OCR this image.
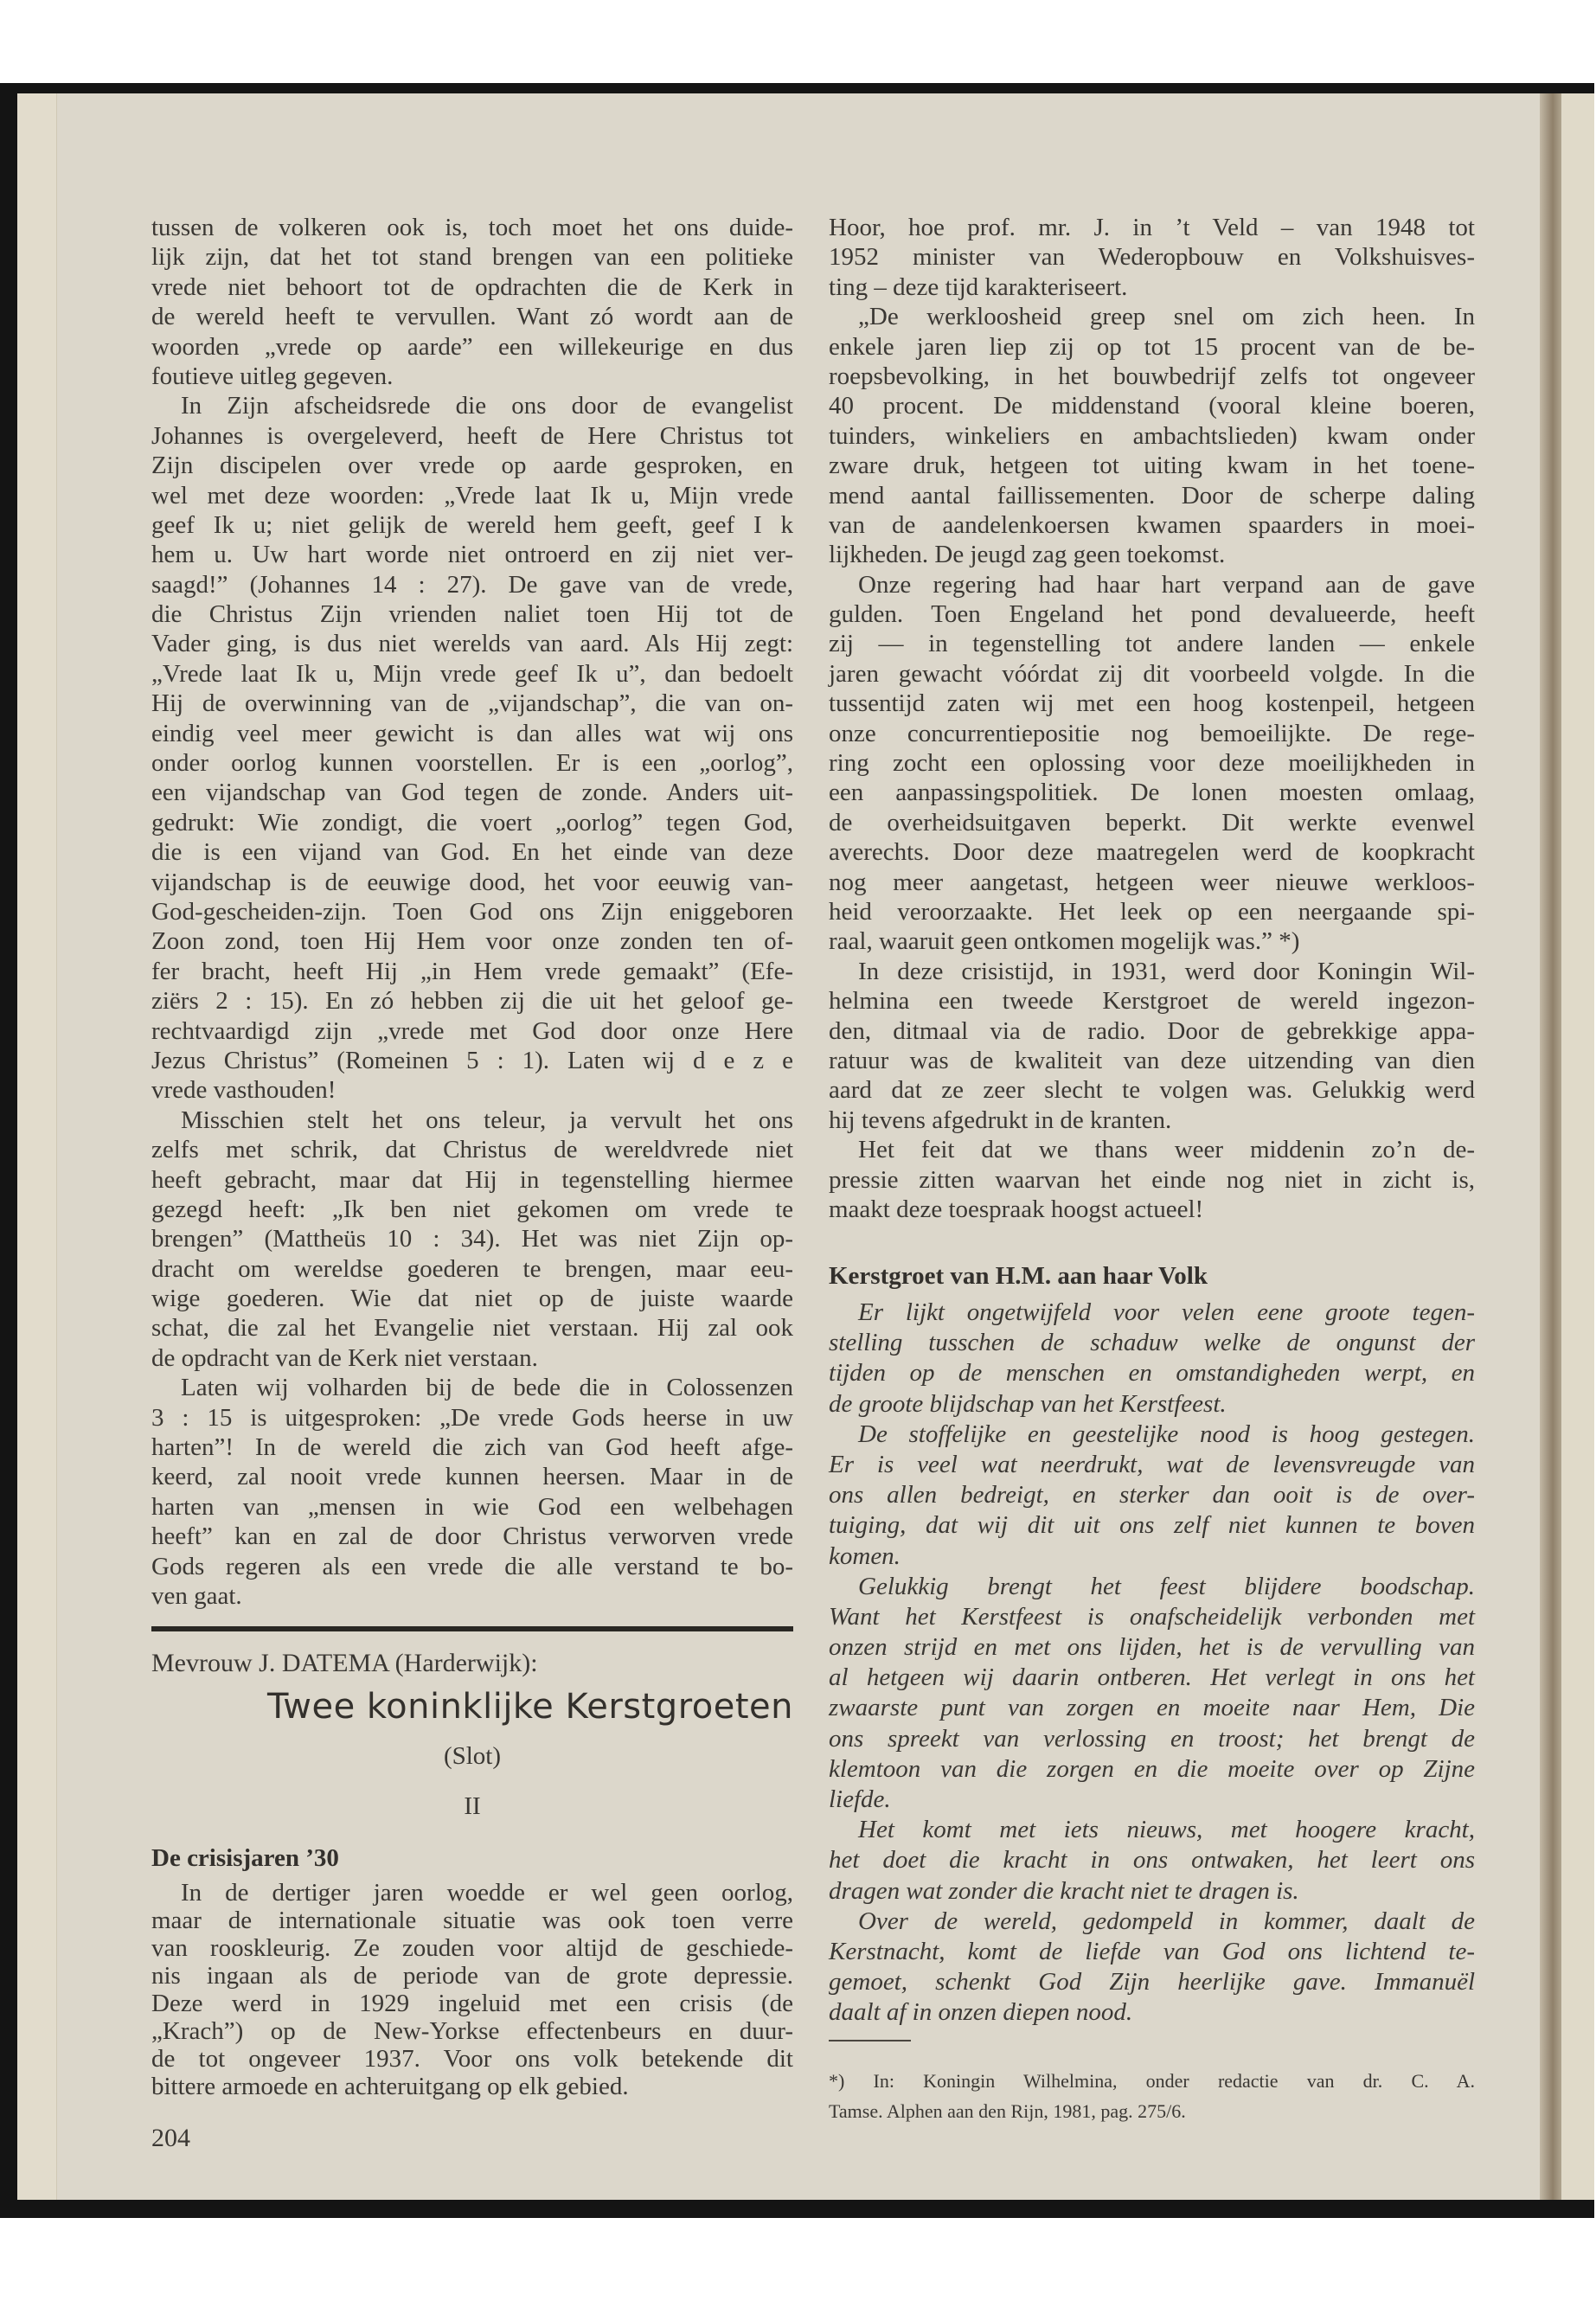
tussen de volkeren ook is, toch moet het ons duide-
lijk zijn, dat het tot stand brengen van een politieke
vrede niet behoort tot de opdrachten die de Kerk in
de wereld heeft te vervullen. Want zó wordt aan de
woorden „vrede op aarde” een willekeurige en dus
foutieve uitleg gegeven.
In Zijn afscheidsrede die ons door de evangelist
Johannes is overgeleverd, heeft de Here Christus tot
Zijn discipelen over vrede op aarde gesproken, en
wel met deze woorden: „Vrede laat Ik u, Mijn vrede
geef Ik u; niet gelijk de wereld hem geeft, geef I k
hem u. Uw hart worde niet ontroerd en zij niet ver-
saagd!” (Johannes 14 : 27). De gave van de vrede,
die Christus Zijn vrienden naliet toen Hij tot de
Vader ging, is dus niet werelds van aard. Als Hij zegt:
„Vrede laat Ik u, Mijn vrede geef Ik u”, dan bedoelt
Hij de overwinning van de „vijandschap”, die van on-
eindig veel meer gewicht is dan alles wat wij ons
onder oorlog kunnen voorstellen. Er is een „oorlog”,
een vijandschap van God tegen de zonde. Anders uit-
gedrukt: Wie zondigt, die voert „oorlog” tegen God,
die is een vijand van God. En het einde van deze
vijandschap is de eeuwige dood, het voor eeuwig van-
God-gescheiden-zijn. Toen God ons Zijn eniggeboren
Zoon zond, toen Hij Hem voor onze zonden ten of-
fer bracht, heeft Hij „in Hem vrede gemaakt” (Efe-
ziërs 2 : 15). En zó hebben zij die uit het geloof ge-
rechtvaardigd zijn „vrede met God door onze Here
Jezus Christus” (Romeinen 5 : 1). Laten wij d e z e
vrede vasthouden!
Misschien stelt het ons teleur, ja vervult het ons
zelfs met schrik, dat Christus de wereldvrede niet
heeft gebracht, maar dat Hij in tegenstelling hiermee
gezegd heeft: „Ik ben niet gekomen om vrede te
brengen” (Mattheüs 10 : 34). Het was niet Zijn op-
dracht om wereldse goederen te brengen, maar eeu-
wige goederen. Wie dat niet op de juiste waarde
schat, die zal het Evangelie niet verstaan. Hij zal ook
de opdracht van de Kerk niet verstaan.
Laten wij volharden bij de bede die in Colossenzen
3 : 15 is uitgesproken: „De vrede Gods heerse in uw
harten”! In de wereld die zich van God heeft afge-
keerd, zal nooit vrede kunnen heersen. Maar in de
harten van „mensen in wie God een welbehagen
heeft” kan en zal de door Christus verworven vrede
Gods regeren als een vrede die alle verstand te bo-
ven gaat.
Mevrouw J. DATEMA (Harderwijk):
Twee koninklijke Kerstgroeten
(Slot)
II
De crisisjaren ’30
In de dertiger jaren woedde er wel geen oorlog,
maar de internationale situatie was ook toen verre
van rooskleurig. Ze zouden voor altijd de geschiede-
nis ingaan als de periode van de grote depressie.
Deze werd in 1929 ingeluid met een crisis (de
„Krach”) op de New-Yorkse effectenbeurs en duur-
de tot ongeveer 1937. Voor ons volk betekende dit
bittere armoede en achteruitgang op elk gebied.
204
Hoor, hoe prof. mr. J. in ’t Veld – van 1948 tot
1952 minister van Wederopbouw en Volkshuisves-
ting – deze tijd karakteriseert.
„De werkloosheid greep snel om zich heen. In
enkele jaren liep zij op tot 15 procent van de be-
roepsbevolking, in het bouwbedrijf zelfs tot ongeveer
40 procent. De middenstand (vooral kleine boeren,
tuinders, winkeliers en ambachtslieden) kwam onder
zware druk, hetgeen tot uiting kwam in het toene-
mend aantal faillissementen. Door de scherpe daling
van de aandelenkoersen kwamen spaarders in moei-
lijkheden. De jeugd zag geen toekomst.
Onze regering had haar hart verpand aan de gave
gulden. Toen Engeland het pond devalueerde, heeft
zij — in tegenstelling tot andere landen — enkele
jaren gewacht vóórdat zij dit voorbeeld volgde. In die
tussentijd zaten wij met een hoog kostenpeil, hetgeen
onze concurrentiepositie nog bemoeilijkte. De rege-
ring zocht een oplossing voor deze moeilijkheden in
een aanpassingspolitiek. De lonen moesten omlaag,
de overheidsuitgaven beperkt. Dit werkte evenwel
averechts. Door deze maatregelen werd de koopkracht
nog meer aangetast, hetgeen weer nieuwe werkloos-
heid veroorzaakte. Het leek op een neergaande spi-
raal, waaruit geen ontkomen mogelijk was.” *)
In deze crisistijd, in 1931, werd door Koningin Wil-
helmina een tweede Kerstgroet de wereld ingezon-
den, ditmaal via de radio. Door de gebrekkige appa-
ratuur was de kwaliteit van deze uitzending van dien
aard dat ze zeer slecht te volgen was. Gelukkig werd
hij tevens afgedrukt in de kranten.
Het feit dat we thans weer middenin zo’n de-
pressie zitten waarvan het einde nog niet in zicht is,
maakt deze toespraak hoogst actueel!
Kerstgroet van H.M. aan haar Volk
Er lijkt ongetwijfeld voor velen eene groote tegen-
stelling tusschen de schaduw welke de ongunst der
tijden op de menschen en omstandigheden werpt, en
de groote blijdschap van het Kerstfeest.
De stoffelijke en geestelijke nood is hoog gestegen.
Er is veel wat neerdrukt, wat de levensvreugde van
ons allen bedreigt, en sterker dan ooit is de over-
tuiging, dat wij dit uit ons zelf niet kunnen te boven
komen.
Gelukkig brengt het feest blijdere boodschap.
Want het Kerstfeest is onafscheidelijk verbonden met
onzen strijd en met ons lijden, het is de vervulling van
al hetgeen wij daarin ontberen. Het verlegt in ons het
zwaarste punt van zorgen en moeite naar Hem, Die
ons spreekt van verlossing en troost; het brengt de
klemtoon van die zorgen en die moeite over op Zijne
liefde.
Het komt met iets nieuws, met hoogere kracht,
het doet die kracht in ons ontwaken, het leert ons
dragen wat zonder die kracht niet te dragen is.
Over de wereld, gedompeld in kommer, daalt de
Kerstnacht, komt de liefde van God ons lichtend te-
gemoet, schenkt God Zijn heerlijke gave. Immanuël
daalt af in onzen diepen nood.
*) In: Koningin Wilhelmina, onder redactie van dr. C. A.
Tamse. Alphen aan den Rijn, 1981, pag. 275/6.
